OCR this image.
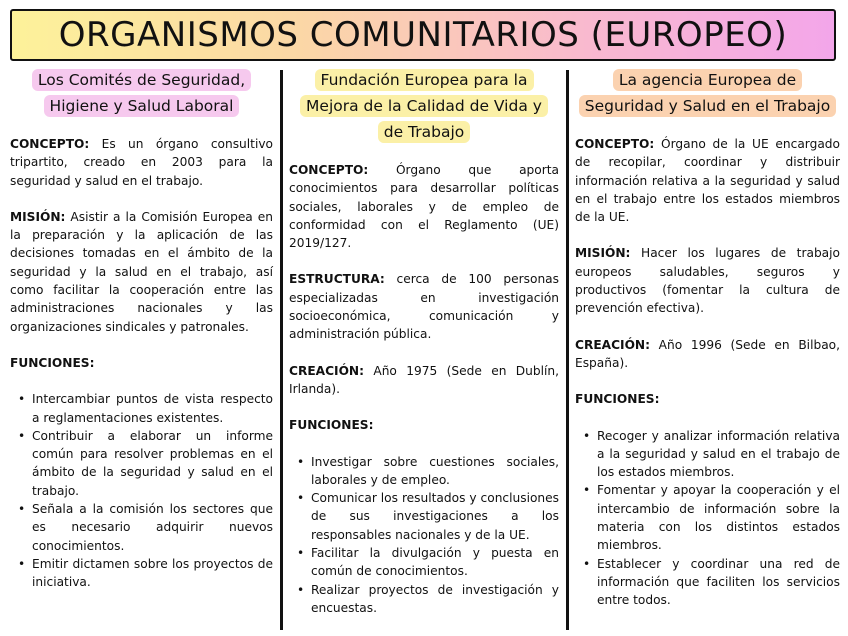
ORGANISMOS COMUNITARIOS (EUROPEO)
Los Comités de Seguridad,
Higiene y Salud Laboral

CONCEPTO: Es un órgano consultivo tripartito, creado en 2003 para la seguridad y salud en el trabajo.

MISIÓN: Asistir a la Comisión Europea en la preparación y la aplicación de las decisiones tomadas en el ámbito de la seguridad y la salud en el trabajo, así como facilitar la cooperación entre las administraciones nacionales y las organizaciones sindicales y patronales.

FUNCIONES:
• Intercambiar puntos de vista respecto a reglamentaciones existentes.
• Contribuir a elaborar un informe común para resolver problemas en el ámbito de la seguridad y salud en el trabajo.
• Señala a la comisión los sectores que es necesario adquirir nuevos conocimientos.
• Emitir dictamen sobre los proyectos de iniciativa.
Fundación Europea para la
Mejora de la Calidad de Vida y
de Trabajo

CONCEPTO: Órgano que aporta conocimientos para desarrollar políticas sociales, laborales y de empleo de conformidad con el Reglamento (UE) 2019/127.

ESTRUCTURA: cerca de 100 personas especializadas en investigación socioeconómica, comunicación y administración pública.

CREACIÓN: Año 1975 (Sede en Dublín, Irlanda).

FUNCIONES:
• Investigar sobre cuestiones sociales, laborales y de empleo.
• Comunicar los resultados y conclusiones de sus investigaciones a los responsables nacionales y de la UE.
• Facilitar la divulgación y puesta en común de conocimientos.
• Realizar proyectos de investigación y encuestas.
La agencia Europea de
Seguridad y Salud en el Trabajo

CONCEPTO: Órgano de la UE encargado de recopilar, coordinar y distribuir información relativa a la seguridad y salud en el trabajo entre los estados miembros de la UE.

MISIÓN: Hacer los lugares de trabajo europeos saludables, seguros y productivos (fomentar la cultura de prevención efectiva).

CREACIÓN: Año 1996 (Sede en Bilbao, España).

FUNCIONES:
• Recoger y analizar información relativa a la seguridad y salud en el trabajo de los estados miembros.
• Fomentar y apoyar la cooperación y el intercambio de información sobre la materia con los distintos estados miembros.
• Establecer y coordinar una red de información que faciliten los servicios entre todos.
